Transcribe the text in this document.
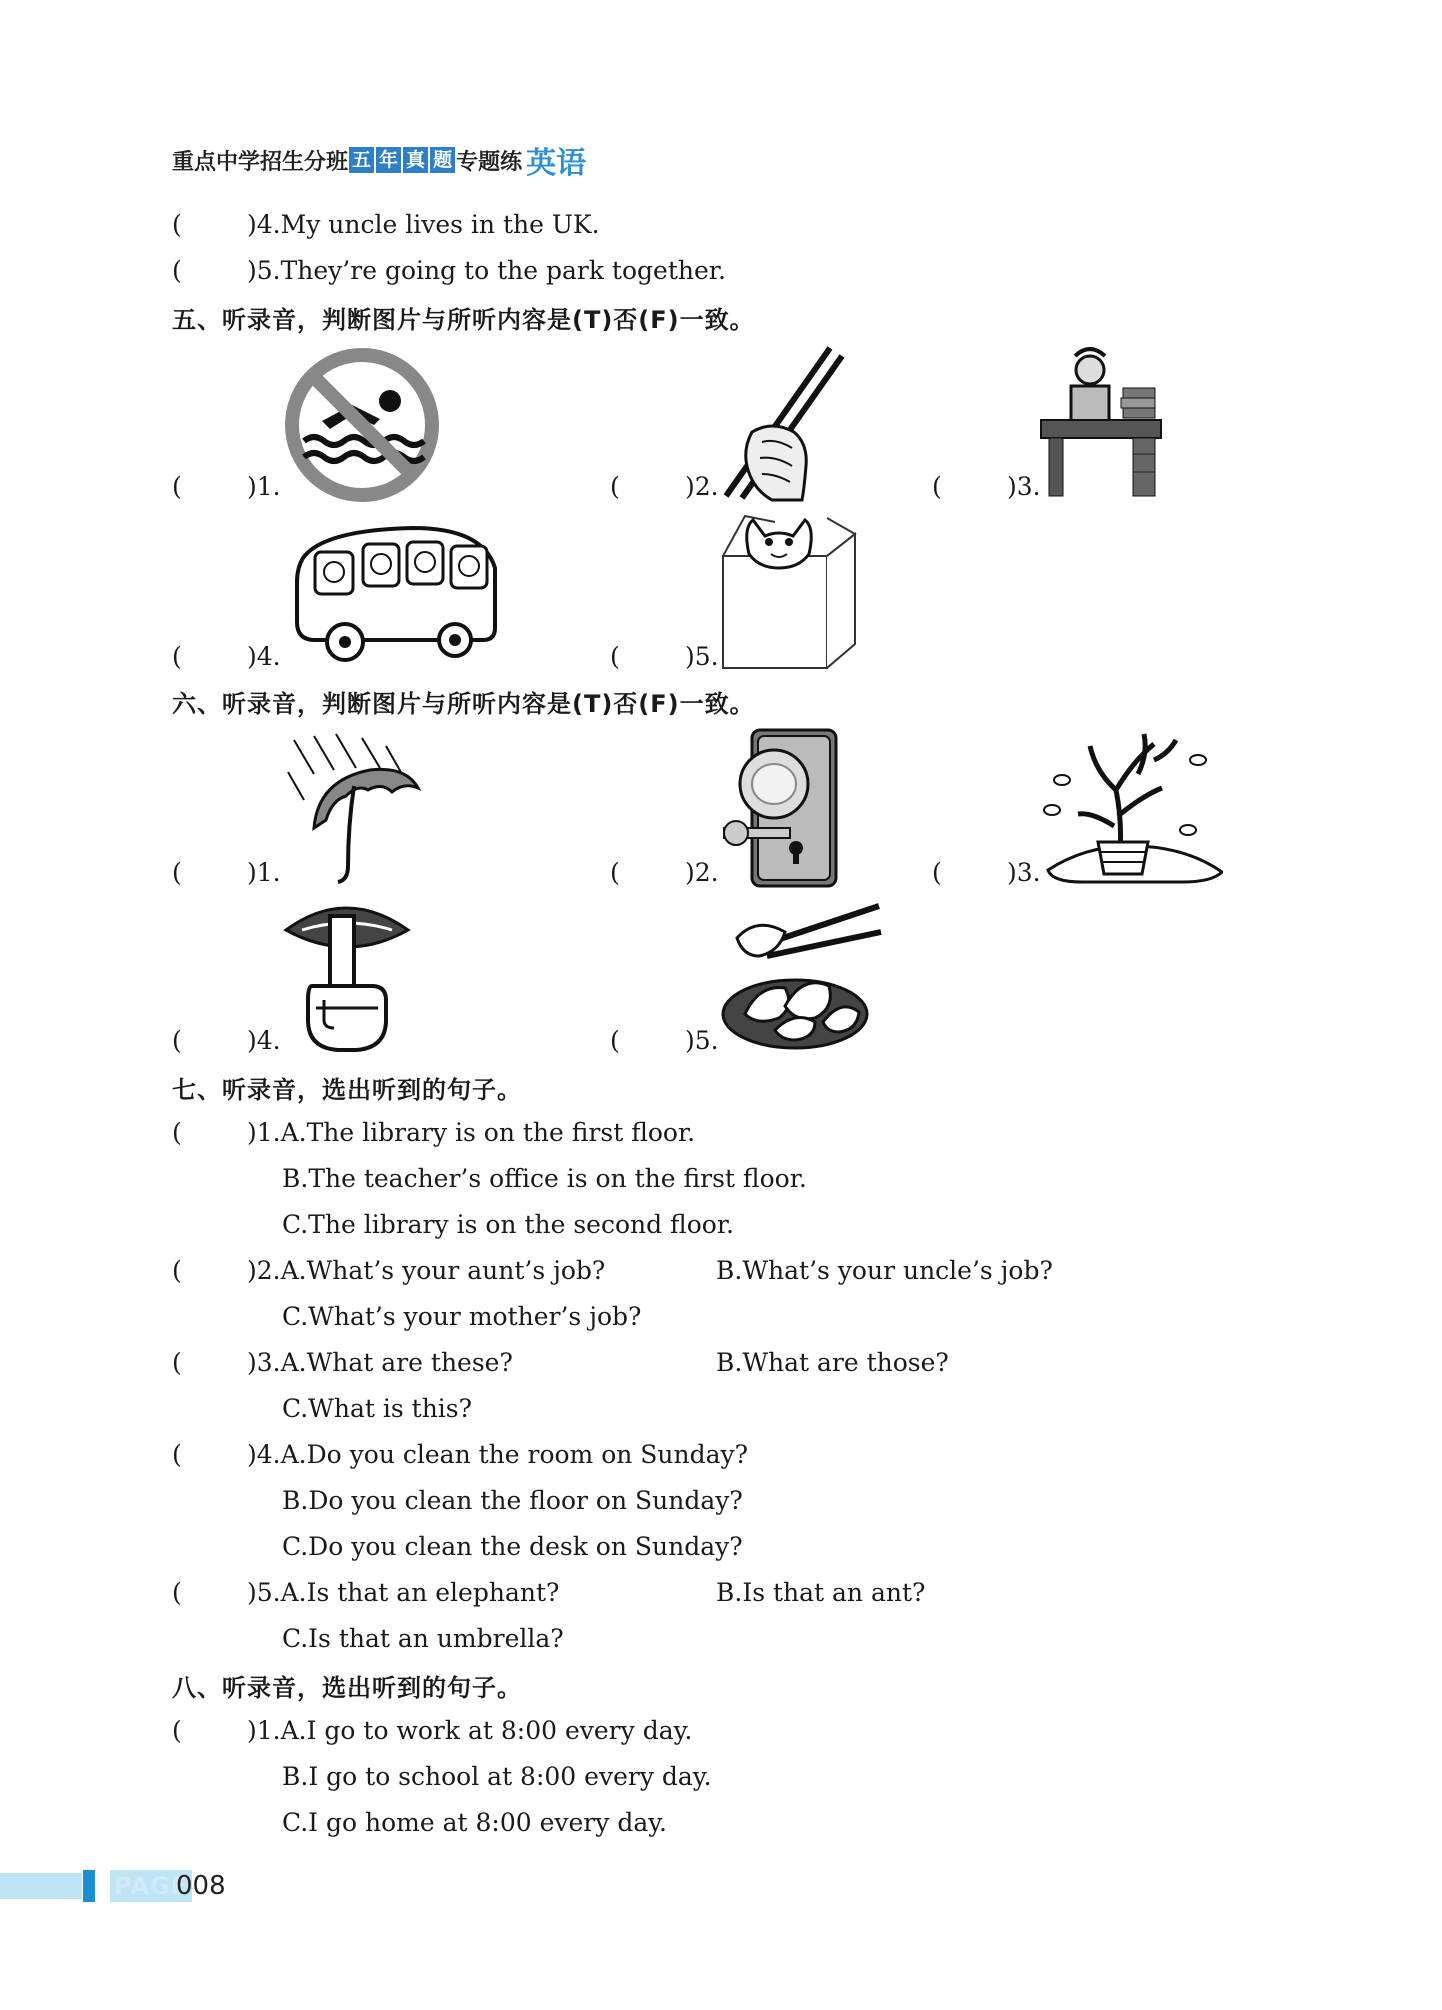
重点中学招生分班 五 年 真 题 专题练 英语
(	)4.My uncle lives in the UK.
(	)5.They’re going to the park together.
五、听录音，判断图片与所听内容是(T)否(F)一致。
(	)1.	(	)2.	(	)3.
(	)4.	(	)5.
六、听录音，判断图片与所听内容是(T)否(F)一致。
(	)1.	(	)2.	(	)3.
(	)4.	(	)5.
七、听录音，选出听到的句子。
(	)1.A.The library is on the first floor.
B.The teacher’s office is on the first floor.
C.The library is on the second floor.
(	)2.A.What’s your aunt’s job?	B.What’s your uncle’s job?
C.What’s your mother’s job?
(	)3.A.What are these?	B.What are those?
C.What is this?
(	)4.A.Do you clean the room on Sunday?
B.Do you clean the floor on Sunday?
C.Do you clean the desk on Sunday?
(	)5.A.Is that an elephant?	B.Is that an ant?
C.Is that an umbrella?
八、听录音，选出听到的句子。
(	)1.A.I go to work at 8:00 every day.
B.I go to school at 8:00 every day.
C.I go home at 8:00 every day.
PAGE
008
